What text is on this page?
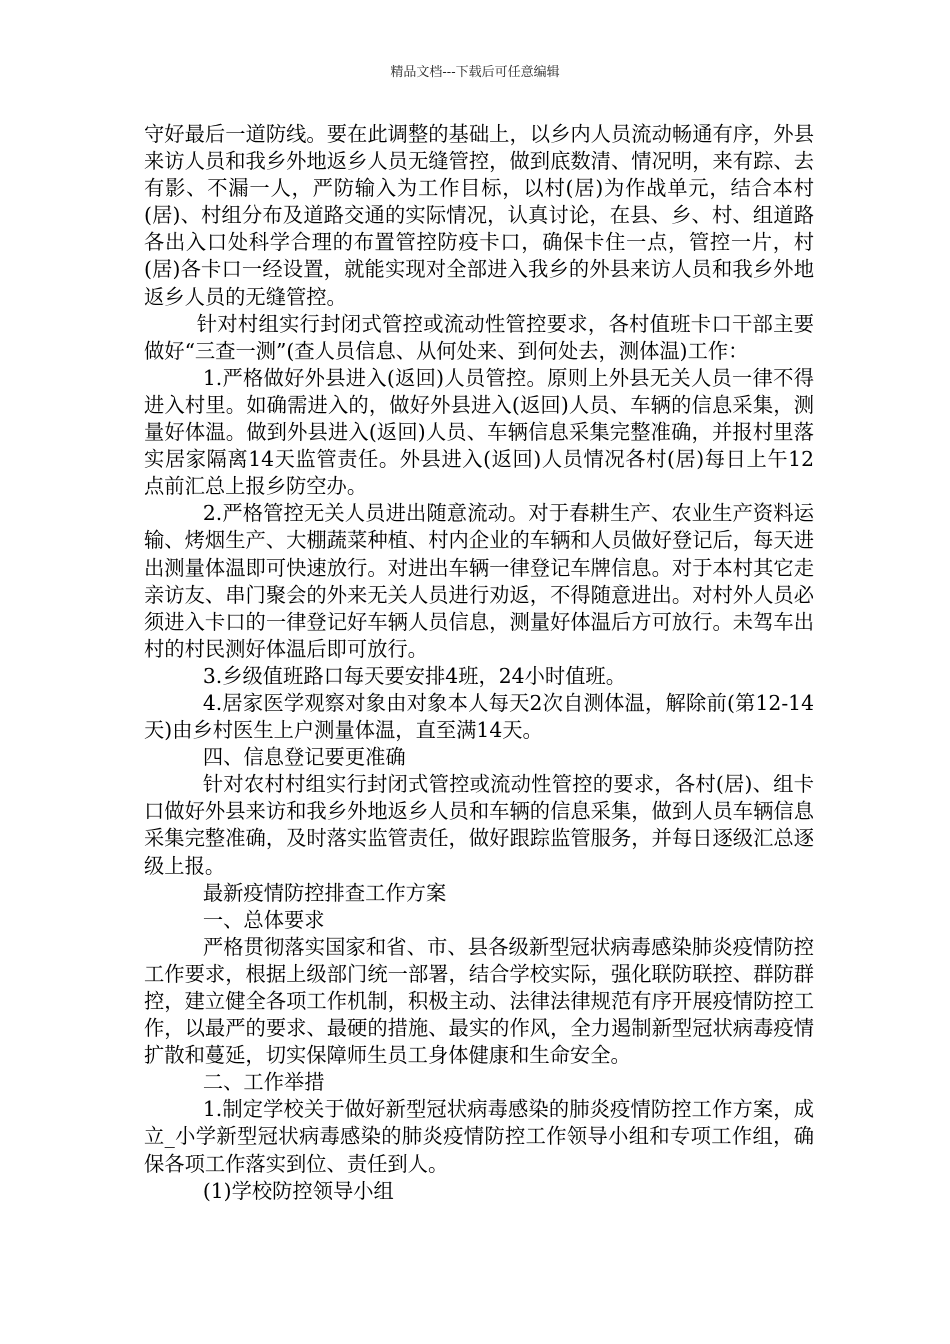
精品文档---下载后可任意编辑

守好最后一道防线。要在此调整的基础上，以乡内人员流动畅通有序，外县来访人员和我乡外地返乡人员无缝管控，做到底数清、情况明，来有踪、去有影、不漏一人，严防输入为工作目标，以村(居)为作战单元，结合本村(居)、村组分布及道路交通的实际情况，认真讨论，在县、乡、村、组道路各出入口处科学合理的布置管控防疫卡口，确保卡住一点，管控一片，村(居)各卡口一经设置，就能实现对全部进入我乡的外县来访人员和我乡外地返乡人员的无缝管控。

针对村组实行封闭式管控或流动性管控要求，各村值班卡口干部主要做好“三查一测”(查人员信息、从何处来、到何处去，测体温)工作：

1.严格做好外县进入(返回)人员管控。原则上外县无关人员一律不得进入村里。如确需进入的，做好外县进入(返回)人员、车辆的信息采集，测量好体温。做到外县进入(返回)人员、车辆信息采集完整准确，并报村里落实居家隔离14天监管责任。外县进入(返回)人员情况各村(居)每日上午12点前汇总上报乡防空办。

2.严格管控无关人员进出随意流动。对于春耕生产、农业生产资料运输、烤烟生产、大棚蔬菜种植、村内企业的车辆和人员做好登记后，每天进出测量体温即可快速放行。对进出车辆一律登记车牌信息。对于本村其它走亲访友、串门聚会的外来无关人员进行劝返，不得随意进出。对村外人员必须进入卡口的一律登记好车辆人员信息，测量好体温后方可放行。未驾车出村的村民测好体温后即可放行。

3.乡级值班路口每天要安排4班，24小时值班。

4.居家医学观察对象由对象本人每天2次自测体温，解除前(第12-14天)由乡村医生上户测量体温，直至满14天。

四、信息登记要更准确

针对农村村组实行封闭式管控或流动性管控的要求，各村(居)、组卡口做好外县来访和我乡外地返乡人员和车辆的信息采集，做到人员车辆信息采集完整准确，及时落实监管责任，做好跟踪监管服务，并每日逐级汇总逐级上报。

最新疫情防控排查工作方案

一、总体要求

严格贯彻落实国家和省、市、县各级新型冠状病毒感染肺炎疫情防控工作要求，根据上级部门统一部署，结合学校实际，强化联防联控、群防群控，建立健全各项工作机制，积极主动、法律法律规范有序开展疫情防控工作，以最严的要求、最硬的措施、最实的作风，全力遏制新型冠状病毒疫情扩散和蔓延，切实保障师生员工身体健康和生命安全。

二、工作举措

1.制定学校关于做好新型冠状病毒感染的肺炎疫情防控工作方案，成立_小学新型冠状病毒感染的肺炎疫情防控工作领导小组和专项工作组，确保各项工作落实到位、责任到人。

(1)学校防控领导小组
